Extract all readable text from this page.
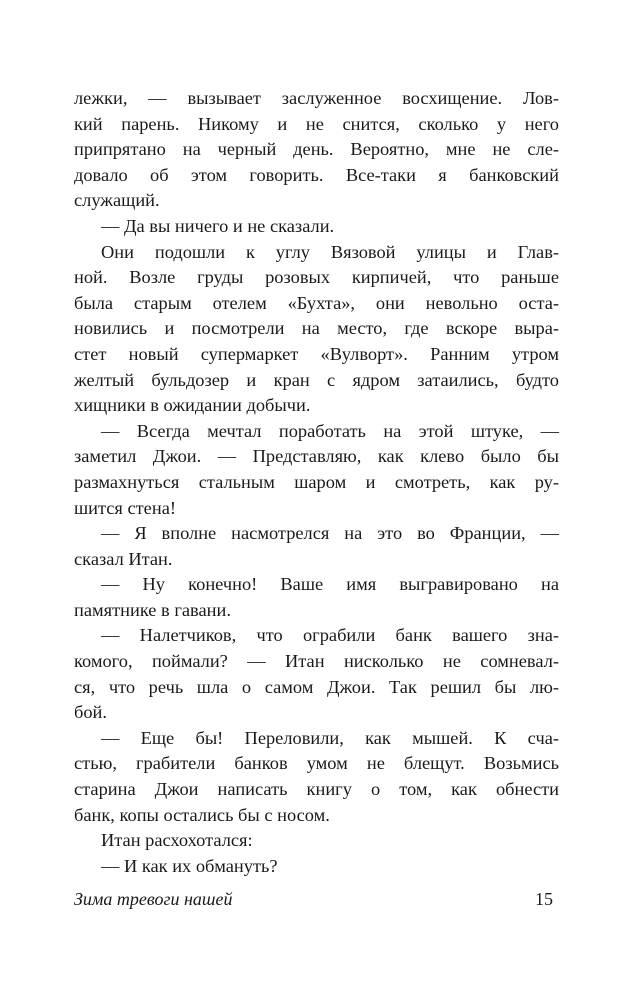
лежки, — вызывает заслуженное восхищение. Лов-
кий парень. Никому и не снится, сколько у него
припрятано на черный день. Вероятно, мне не сле-
довало об этом говорить. Все-таки я банковский
служащий.
— Да вы ничего и не сказали.
Они подошли к углу Вязовой улицы и Глав-
ной. Возле груды розовых кирпичей, что раньше
была старым отелем «Бухта», они невольно оста-
новились и посмотрели на место, где вскоре выра-
стет новый супермаркет «Вулворт». Ранним утром
желтый бульдозер и кран с ядром затаились, будто
хищники в ожидании добычи.
— Всегда мечтал поработать на этой штуке, —
заметил Джои. — Представляю, как клево было бы
размахнуться стальным шаром и смотреть, как ру-
шится стена!
— Я вполне насмотрелся на это во Франции, —
сказал Итан.
— Ну конечно! Ваше имя выгравировано на
памятнике в гавани.
— Налетчиков, что ограбили банк вашего зна-
комого, поймали? — Итан нисколько не сомневал-
ся, что речь шла о самом Джои. Так решил бы лю-
бой.
— Еще бы! Переловили, как мышей. К сча-
стью, грабители банков умом не блещут. Возьмись
старина Джои написать книгу о том, как обнести
банк, копы остались бы с носом.
Итан расхохотался:
— И как их обмануть?
Зима тревоги нашей	15
